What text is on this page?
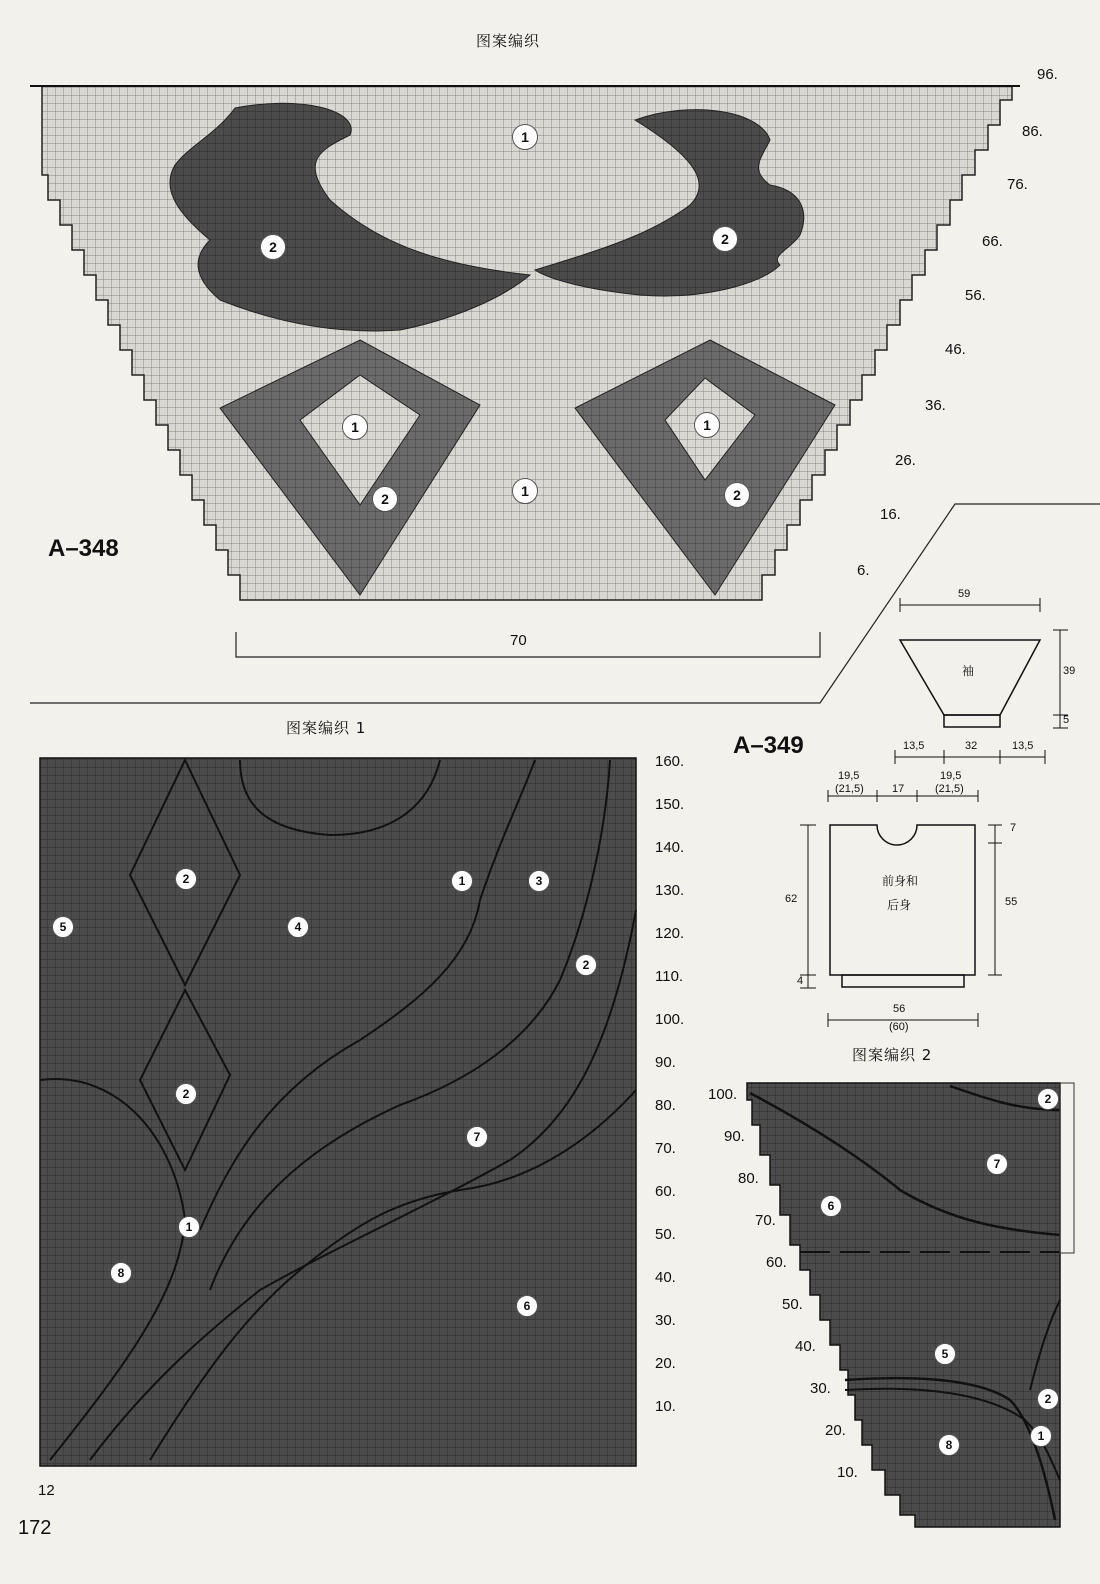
图案编织
A–348
70
96.
86.
76.
66.
56.
46.
36.
26.
16.
6.
1
2	2
1
2	1
1
2
图案编织 1
160.
150.
140.
130.
120.
110.
100.
90.
80.
70.
60.
50.
40.
30.
20.
10.
2	1	3
5	4
2
2
7
1
8
6
12
图案编织 2
100.
90.
80.
70.
60.
50.
40.
30.
20.
10.
2
7
6
5
2
1
8
A–349
59
袖	39
5
13,5	32	13,5
19,5
(21,5)	17
19,5
(21,5)
前身和
后身
62
7
55
4
56
(60)
172
